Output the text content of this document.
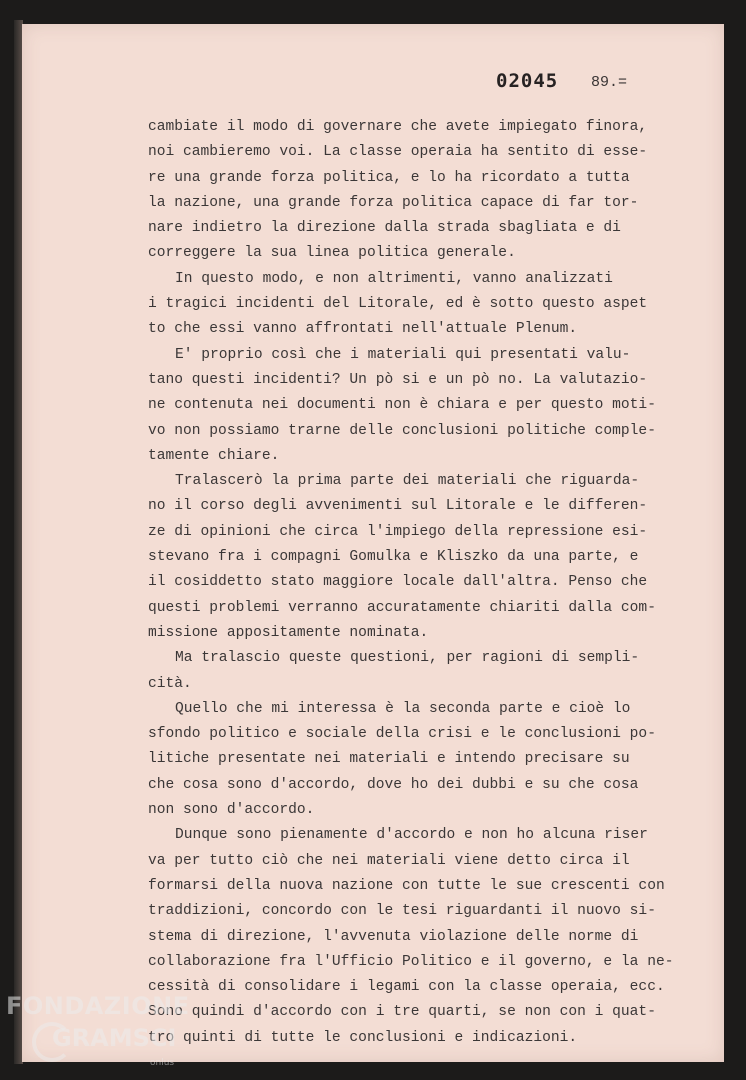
02045 89.=
cambiate il modo di governare che avete impiegato finora,
noi cambieremo voi. La classe operaia ha sentito di esse-
re una grande forza politica, e lo ha ricordato a tutta
la nazione, una grande forza politica capace di far tor-
nare indietro la direzione dalla strada sbagliata e di
correggere la sua linea politica generale.
In questo modo, e non altrimenti, vanno analizzati
i tragici incidenti del Litorale, ed è sotto questo aspet
to che essi vanno affrontati nell'attuale Plenum.
E' proprio così che i materiali qui presentati valu-
tano questi incidenti? Un pò si e un pò no. La valutazio-
ne contenuta nei documenti non è chiara e per questo moti-
vo non possiamo trarne delle conclusioni politiche comple-
tamente chiare.
Tralascerò la prima parte dei materiali che riguarda-
no il corso degli avvenimenti sul Litorale e le differen-
ze di opinioni che circa l'impiego della repressione esi-
stevano fra i compagni Gomulka e Kliszko da una parte, e
il cosiddetto stato maggiore locale dall'altra. Penso che
questi problemi verranno accuratamente chiariti dalla com-
missione appositamente nominata.
Ma tralascio queste questioni, per ragioni di sempli-
cità.
Quello che mi interessa è la seconda parte e cioè lo
sfondo politico e sociale della crisi e le conclusioni po-
litiche presentate nei materiali e intendo precisare su
che cosa sono d'accordo, dove ho dei dubbi e su che cosa
non sono d'accordo.
Dunque sono pienamente d'accordo e non ho alcuna riser
va per tutto ciò che nei materiali viene detto circa il
formarsi della nuova nazione con tutte le sue crescenti con
traddizioni, concordo con le tesi riguardanti il nuovo si-
stema di direzione, l'avvenuta violazione delle norme di
collaborazione fra l'Ufficio Politico e il governo, e la ne-
cessità di consolidare i legami con la classe operaia, ecc.
Sono quindi d'accordo con i tre quarti, se non con i quat-
tro quinti di tutte le conclusioni e indicazioni.
FONDAZIONE
GRAMSCI
onlus
